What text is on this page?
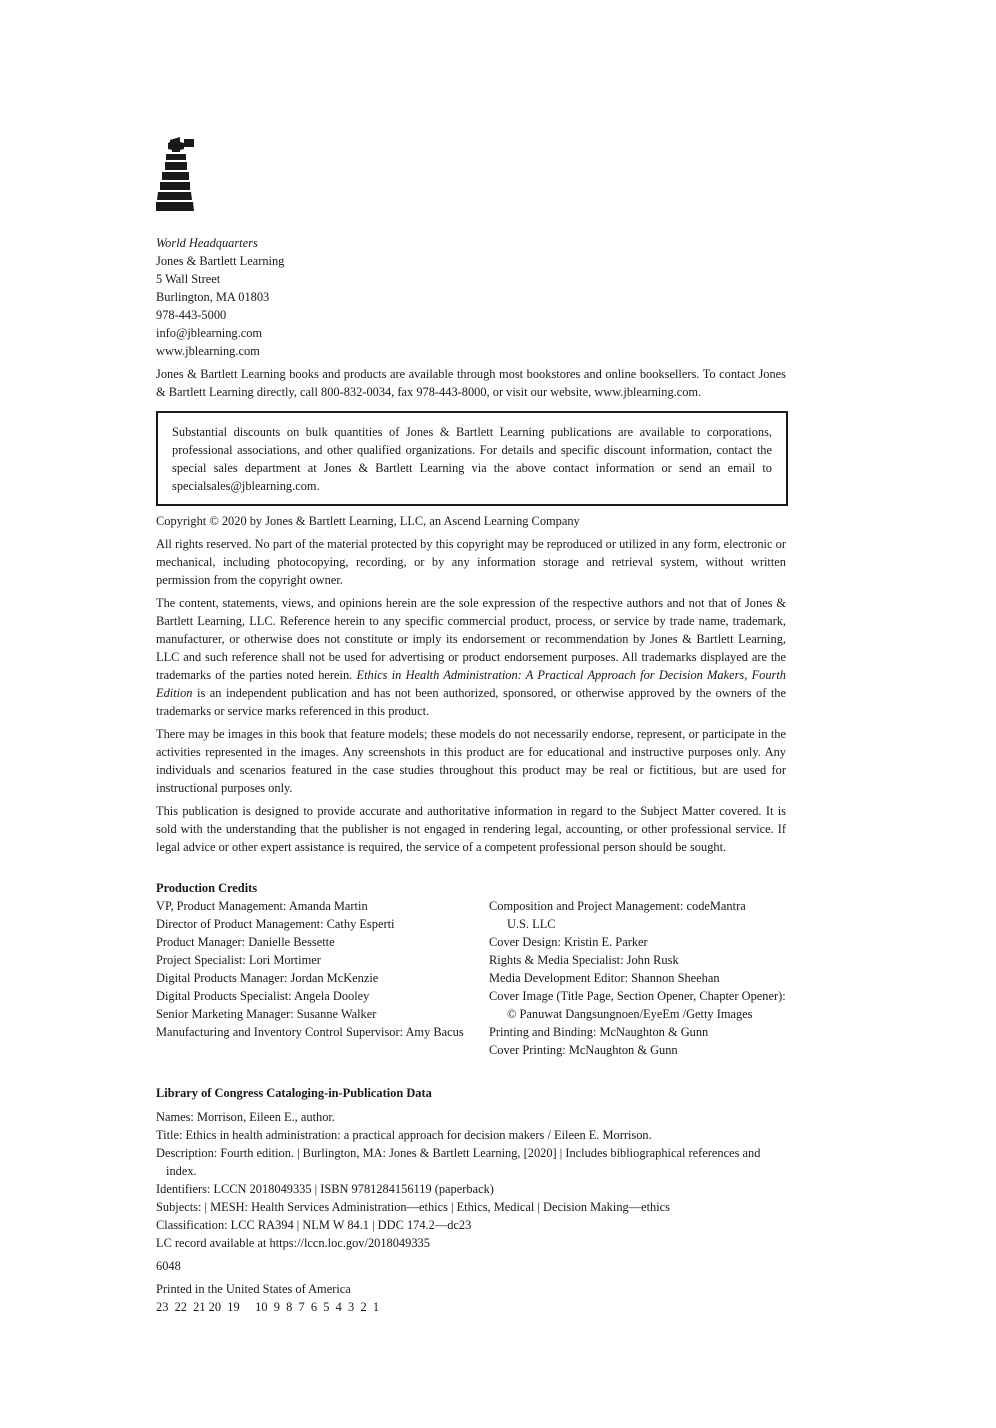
World Headquarters
Jones & Bartlett Learning
5 Wall Street
Burlington, MA 01803
978-443-5000
info@jblearning.com
www.jblearning.com

Jones & Bartlett Learning books and products are available through most bookstores and online booksellers. To contact Jones & Bartlett Learning directly, call 800-832-0034, fax 978-443-8000, or visit our website, www.jblearning.com.

Substantial discounts on bulk quantities of Jones & Bartlett Learning publications are available to corporations, professional associations, and other qualified organizations. For details and specific discount information, contact the special sales department at Jones & Bartlett Learning via the above contact information or send an email to specialsales@jblearning.com.

Copyright © 2020 by Jones & Bartlett Learning, LLC, an Ascend Learning Company

All rights reserved. No part of the material protected by this copyright may be reproduced or utilized in any form, electronic or mechanical, including photocopying, recording, or by any information storage and retrieval system, without written permission from the copyright owner.

The content, statements, views, and opinions herein are the sole expression of the respective authors and not that of Jones & Bartlett Learning, LLC. Reference herein to any specific commercial product, process, or service by trade name, trademark, manufacturer, or otherwise does not constitute or imply its endorsement or recommendation by Jones & Bartlett Learning, LLC and such reference shall not be used for advertising or product endorsement purposes. All trademarks displayed are the trademarks of the parties noted herein. Ethics in Health Administration: A Practical Approach for Decision Makers, Fourth Edition is an independent publication and has not been authorized, sponsored, or otherwise approved by the owners of the trademarks or service marks referenced in this product.

There may be images in this book that feature models; these models do not necessarily endorse, represent, or participate in the activities represented in the images. Any screenshots in this product are for educational and instructive purposes only. Any individuals and scenarios featured in the case studies throughout this product may be real or fictitious, but are used for instructional purposes only.

This publication is designed to provide accurate and authoritative information in regard to the Subject Matter covered. It is sold with the understanding that the publisher is not engaged in rendering legal, accounting, or other professional service. If legal advice or other expert assistance is required, the service of a competent professional person should be sought.

Production Credits
VP, Product Management: Amanda Martin
Director of Product Management: Cathy Esperti
Product Manager: Danielle Bessette
Project Specialist: Lori Mortimer
Digital Products Manager: Jordan McKenzie
Digital Products Specialist: Angela Dooley
Senior Marketing Manager: Susanne Walker
Manufacturing and Inventory Control Supervisor: Amy Bacus
Composition and Project Management: codeMantra U.S. LLC
Cover Design: Kristin E. Parker
Rights & Media Specialist: John Rusk
Media Development Editor: Shannon Sheehan
Cover Image (Title Page, Section Opener, Chapter Opener): © Panuwat Dangsungnoen/EyeEm /Getty Images
Printing and Binding: McNaughton & Gunn
Cover Printing: McNaughton & Gunn
Library of Congress Cataloging-in-Publication Data
Names: Morrison, Eileen E., author.
Title: Ethics in health administration: a practical approach for decision makers / Eileen E. Morrison.
Description: Fourth edition. | Burlington, MA: Jones & Bartlett Learning, [2020] | Includes bibliographical references and index.
Identifiers: LCCN 2018049335 | ISBN 9781284156119 (paperback)
Subjects: | MESH: Health Services Administration—ethics | Ethics, Medical | Decision Making—ethics
Classification: LCC RA394 | NLM W 84.1 | DDC 174.2—dc23
LC record available at https://lccn.loc.gov/2018049335
6048
Printed in the United States of America
23  22  21 20  19     10  9  8  7  6  5  4  3  2  1
